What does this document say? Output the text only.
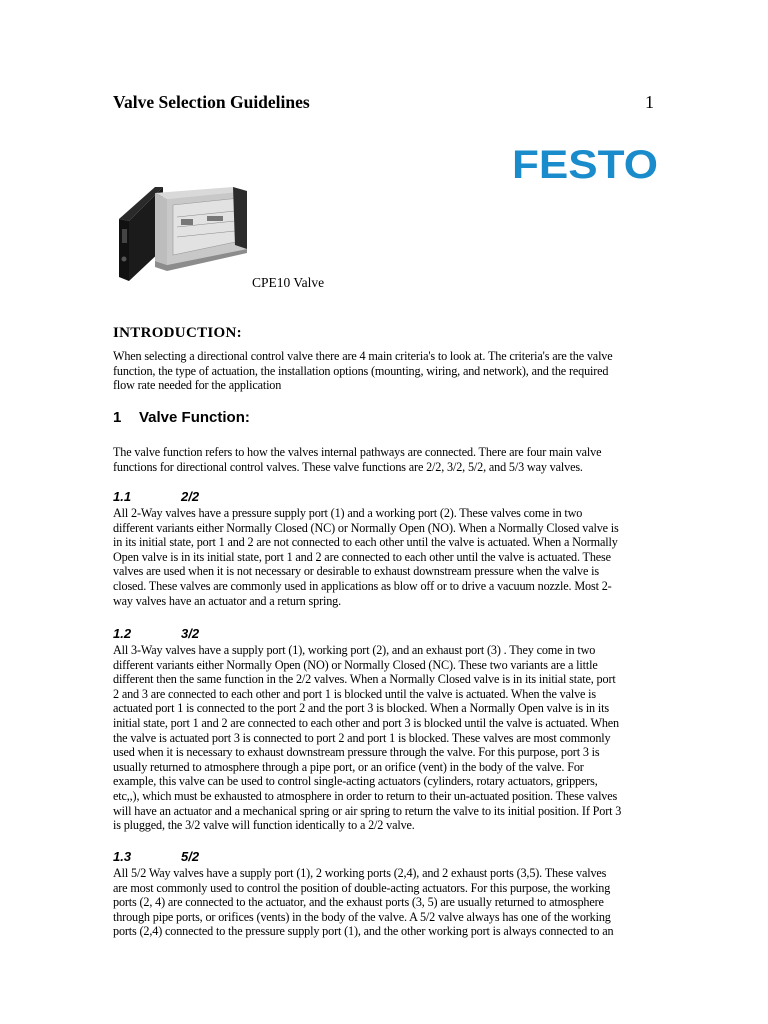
Valve Selection Guidelines	1
FESTO
CPE10 Valve
INTRODUCTION:
When selecting a directional control valve there are 4 main criteria's to look at. The criteria's are the valve
function, the type of actuation, the installation options (mounting, wiring, and network), and the required
flow rate needed for the application
1 Valve Function:
The valve function refers to how the valves internal pathways are connected. There are four main valve
functions for directional control valves. These valve functions are 2/2, 3/2, 5/2, and 5/3 way valves.
1.1	2/2
All 2-Way valves have a pressure supply port (1) and a working port (2). These valves come in two
different variants either Normally Closed (NC) or Normally Open (NO). When a Normally Closed valve is
in its initial state, port 1 and 2 are not connected to each other until the valve is actuated. When a Normally
Open valve is in its initial state, port 1 and 2 are connected to each other until the valve is actuated. These
valves are used when it is not necessary or desirable to exhaust downstream pressure when the valve is
closed. These valves are commonly used in applications as blow off or to drive a vacuum nozzle. Most 2-
way valves have an actuator and a return spring.
1.2	3/2
All 3-Way valves have a supply port (1), working port (2), and an exhaust port (3) . They come in two
different variants either Normally Open (NO) or Normally Closed (NC). These two variants are a little
different then the same function in the 2/2 valves. When a Normally Closed valve is in its initial state, port
2 and 3 are connected to each other and port 1 is blocked until the valve is actuated. When the valve is
actuated port 1 is connected to the port 2 and the port 3 is blocked. When a Normally Open valve is in its
initial state, port 1 and 2 are connected to each other and port 3 is blocked until the valve is actuated. When
the valve is actuated port 3 is connected to port 2 and port 1 is blocked. These valves are most commonly
used when it is necessary to exhaust downstream pressure through the valve. For this purpose, port 3 is
usually returned to atmosphere through a pipe port, or an orifice (vent) in the body of the valve. For
example, this valve can be used to control single-acting actuators (cylinders, rotary actuators, grippers,
etc,,), which must be exhausted to atmosphere in order to return to their un-actuated position. These valves
will have an actuator and a mechanical spring or air spring to return the valve to its initial position. If Port 3
is plugged, the 3/2 valve will function identically to a 2/2 valve.
1.3	5/2
All 5/2 Way valves have a supply port (1), 2 working ports (2,4), and 2 exhaust ports (3,5). These valves
are most commonly used to control the position of double-acting actuators. For this purpose, the working
ports (2, 4) are connected to the actuator, and the exhaust ports (3, 5) are usually returned to atmosphere
through pipe ports, or orifices (vents) in the body of the valve. A 5/2 valve always has one of the working
ports (2,4) connected to the pressure supply port (1), and the other working port is always connected to an
